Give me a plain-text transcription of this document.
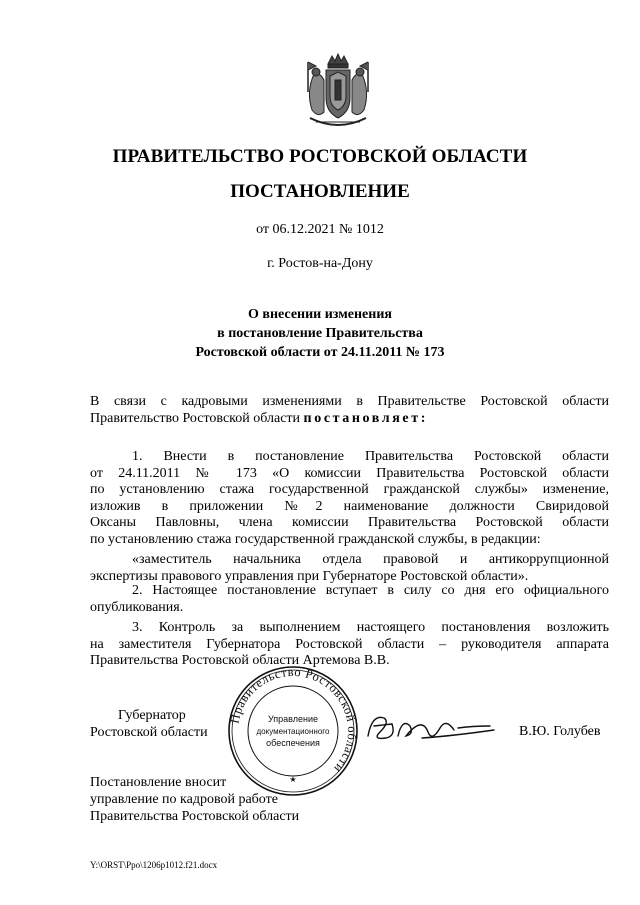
ПРАВИТЕЛЬСТВО РОСТОВСКОЙ ОБЛАСТИ
ПОСТАНОВЛЕНИЕ
от 06.12.2021 № 1012
г. Ростов-на-Дону
О внесении изменения
в постановление Правительства
Ростовской области от 24.11.2011 № 173
В связи с кадровыми изменениями в Правительстве Ростовской области
Правительство Ростовской области постановляет:
1. Внести в постановление Правительства Ростовской области
от 24.11.2011 № 173 «О комиссии Правительства Ростовской области
по установлению стажа государственной гражданской службы» изменение,
изложив в приложении №2 наименование должности Свиридовой
Оксаны Павловны, члена комиссии Правительства Ростовской области
по установлению стажа государственной гражданской службы, в редакции:
«заместитель начальника отдела правовой и антикоррупционной
экспертизы правового управления при Губернаторе Ростовской области».
2. Настоящее постановление вступает в силу со дня его официального
опубликования.
3. Контроль за выполнением настоящего постановления возложить
на заместителя Губернатора Ростовской области – руководителя аппарата
Правительства Ростовской области Артемова В.В.
Губернатор
Ростовской области
Правительство Ростовской области
Управление
документационного
обеспечения
★
В.Ю. Голубев
Постановление вносит
управление по кадровой работе
Правительства Ростовской области
Y:\ORST\Ppo\1206p1012.f21.docx
